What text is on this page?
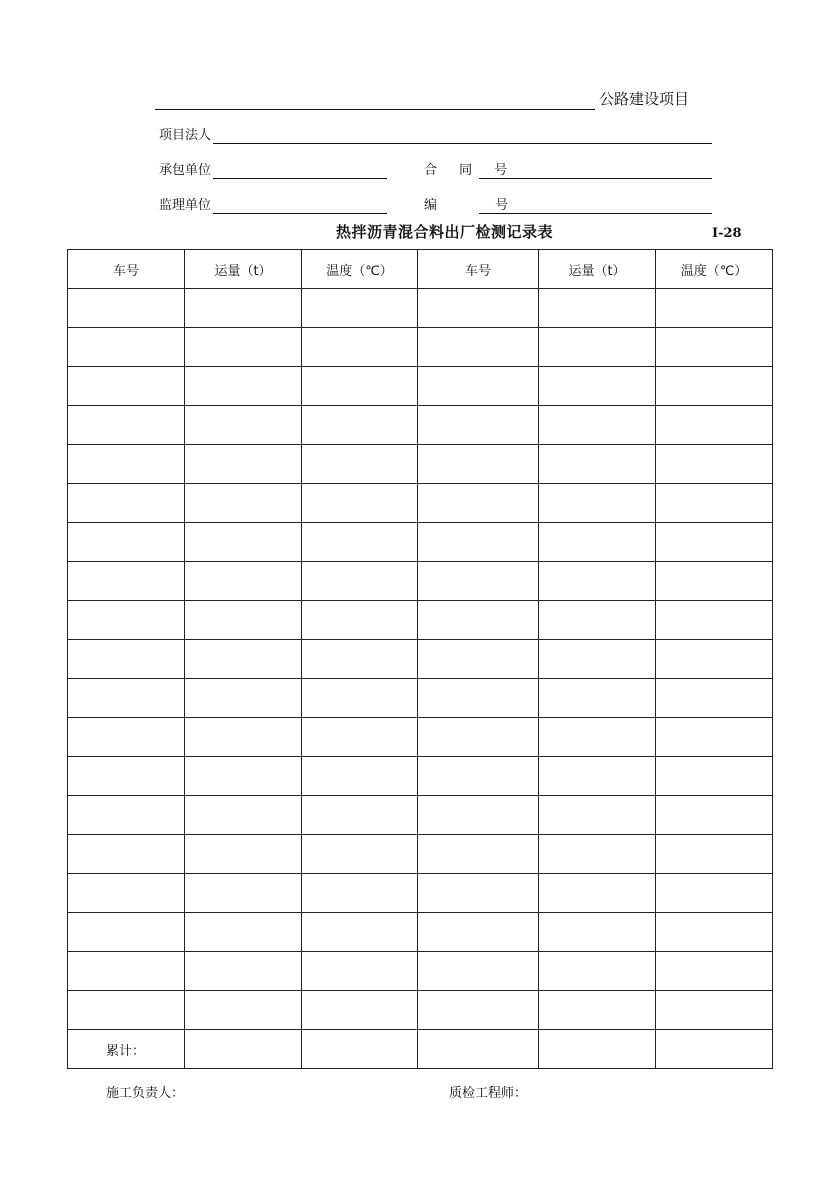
公路建设项目
项目法人
承包单位	合 同 号
监理单位	编 号
热拌沥青混合料出厂检测记录表	I-28
车号	运量（t）	温度（℃）	车号	运量（t）	温度（℃）

累计：					
施工负责人：	质检工程师：
